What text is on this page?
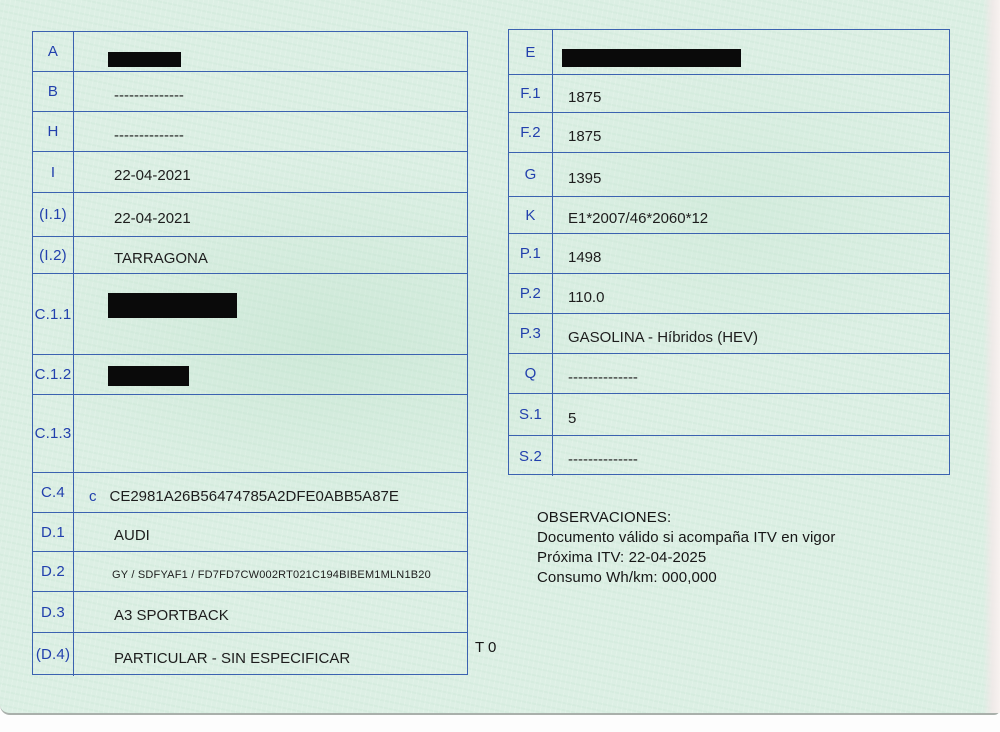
A
B	--------------
H	--------------
I	22-04-2021
(I.1)	22-04-2021
(I.2)	TARRAGONA
C.1.1
C.1.2
C.1.3
C.4	c CE2981A26B56474785A2DFE0ABB5A87E
D.1	AUDI
D.2	GY / SDFYAF1 / FD7FD7CW002RT021C194BIBEM1MLN1B20
D.3	A3 SPORTBACK
(D.4)	PARTICULAR - SIN ESPECIFICAR
E
F.1	1875
F.2	1875
G	1395
K	E1*2007/46*2060*12
P.1	1498
P.2	110.0
P.3	GASOLINA - Híbridos (HEV)
Q	--------------
S.1	5
S.2	--------------
OBSERVACIONES:
Documento válido si acompaña ITV en vigor
Próxima ITV: 22-04-2025
Consumo Wh/km: 000,000
T 0
